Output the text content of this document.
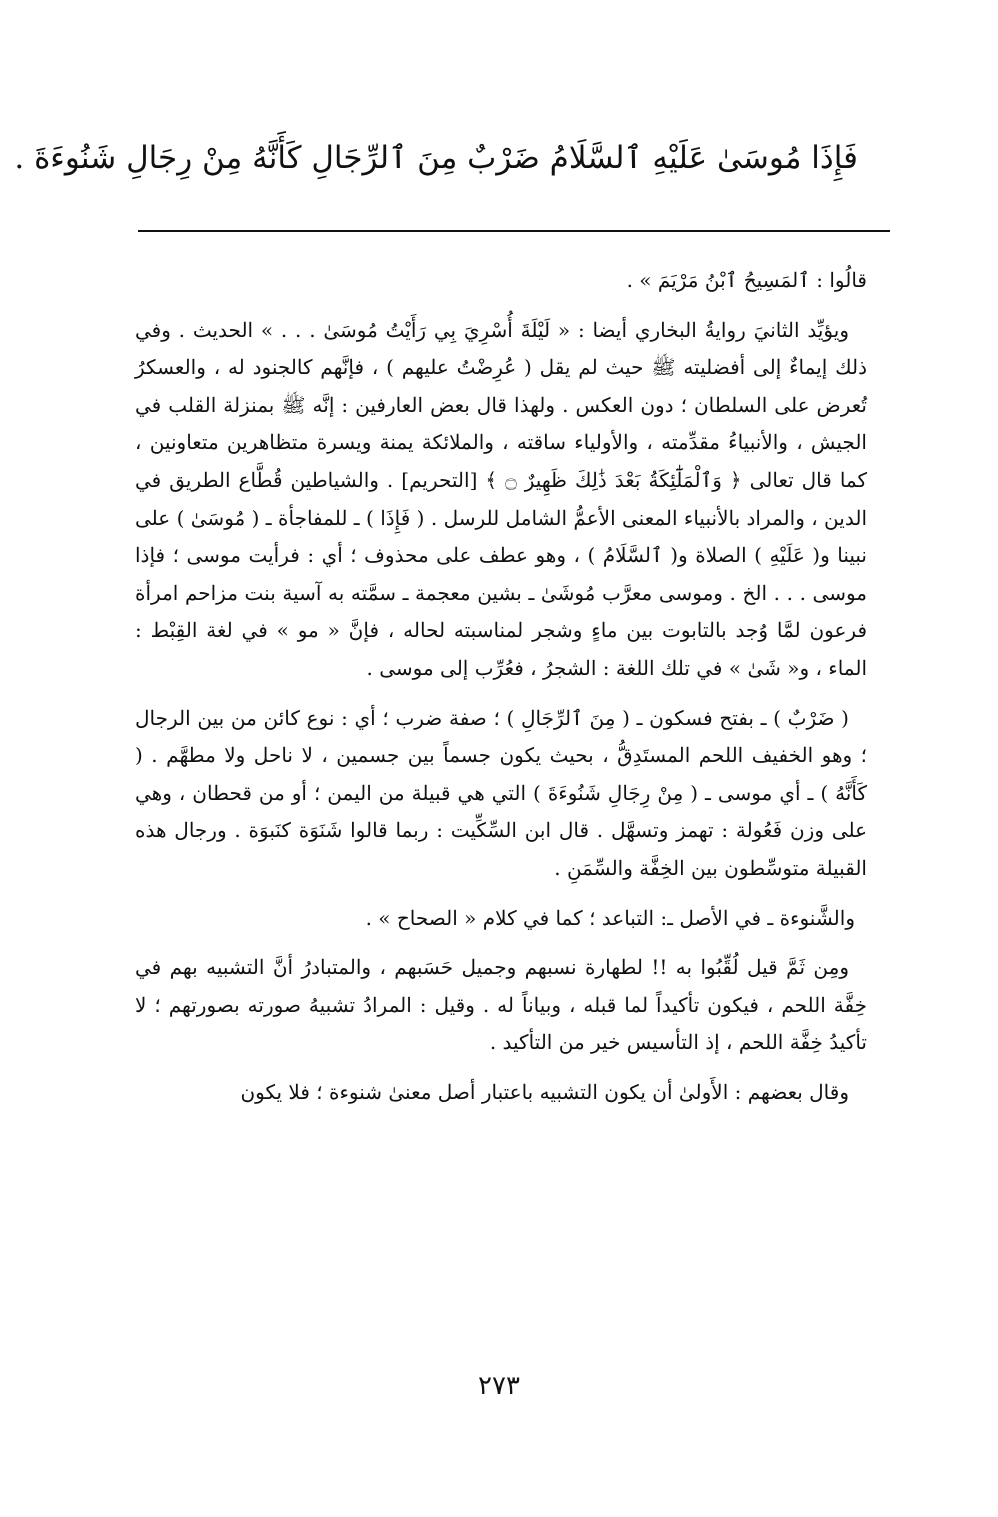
فَإِذَا مُوسَىٰ عَلَيْهِ ٱلسَّلَامُ ضَرْبٌ مِنَ ٱلرِّجَالِ كَأَنَّهُ مِنْ رِجَالِ شَنُوءَةَ .

قالُوا : ٱلمَسِيحُ ٱبْنُ مَرْيَمَ » .

ويؤيِّد الثانيَ روايةُ البخاري أيضا : « لَيْلَةَ أُسْرِيَ بِي رَأَيْتُ مُوسَىٰ . . . » الحديث . وفي ذلك إيماءٌ إلى أفضليته ﷺ حيث لم يقل ( عُرِضْتُ عليهم ) ، فإنَّهم كالجنود له ، والعسكرُ تُعرض على السلطان ؛ دون العكس . ولهذا قال بعض العارفين : إنَّه ﷺ بمنزلة القلب في الجيش ، والأنبياءُ مقدِّمته ، والأولياء ساقته ، والملائكة يمنة ويسرة متظاهرين متعاونين ، كما قال تعالى ﴿ وَٱلْمَلَٰٓئِكَةُ بَعْدَ ذَٰلِكَ ظَهِيرٌ ۝ ﴾ [التحريم] . والشياطين قُطَّاع الطريق في الدين ، والمراد بالأنبياء المعنى الأعمُّ الشامل للرسل . ( فَإِذَا ) ـ للمفاجأة ـ ( مُوسَىٰ ) على نبينا و( عَلَيْهِ ) الصلاة و( ٱلسَّلَامُ ) ، وهو عطف على محذوف ؛ أي : فرأيت موسى ؛ فإذا موسى . . . الخ . وموسى معرَّب مُوشَىٰ ـ بشين معجمة ـ سمَّته به آسية بنت مزاحم امرأة فرعون لمَّا وُجد بالتابوت بين ماءٍ وشجر لمناسبته لحاله ، فإنَّ « مو » في لغة القِبْط : الماء ، و« شَىٰ » في تلك اللغة : الشجرُ ، فعُرِّب إلى موسى .

( ضَرْبٌ ) ـ بفتح فسكون ـ ( مِنَ ٱلرِّجَالِ ) ؛ صفة ضرب ؛ أي : نوع كائن من بين الرجال ؛ وهو الخفيف اللحم المستَدِقُّ ، بحيث يكون جسماً بين جسمين ، لا ناحل ولا مطهَّم . ( كَأَنَّهُ ) ـ أي موسى ـ ( مِنْ رِجَالِ شَنُوءَةَ ) التي هي قبيلة من اليمن ؛ أو من قحطان ، وهي على وزن فَعُولة : تهمز وتسهَّل . قال ابن السِّكِّيت : ربما قالوا شَنَوَة كنَبوَة . ورجال هذه القبيلة متوسِّطون بين الخِفَّة والسِّمَنِ .

والشَّنوءة ـ في الأصل ـ: التباعد ؛ كما في كلام « الصحاح » .

ومِن ثَمَّ قيل لُقِّبُوا به !! لطهارة نسبهم وجميل حَسَبهم ، والمتبادرُ أنَّ التشبيه بهم في خِفَّة اللحم ، فيكون تأكيداً لما قبله ، وبياناً له . وقيل : المرادُ تشبيهُ صورته بصورتهم ؛ لا تأكيدُ خِفَّة اللحم ، إذ التأسيس خير من التأكيد .

وقال بعضهم : الأَولىٰ أن يكون التشبيه باعتبار أصل معنىٰ شنوءة ؛ فلا يكون

٢٧٣
